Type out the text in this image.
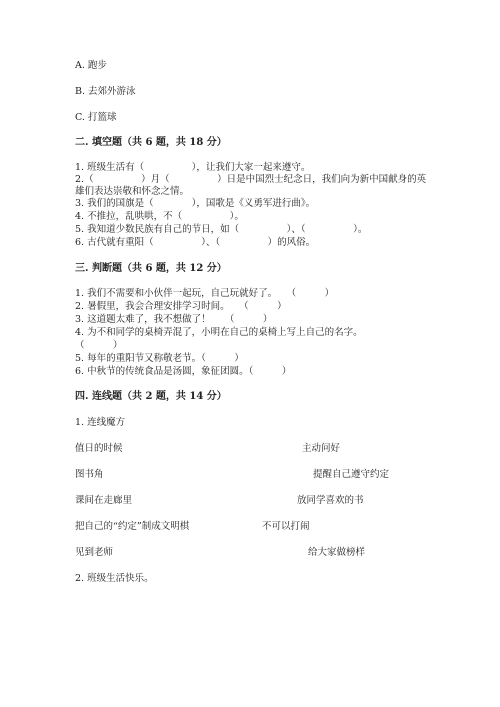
A. 跑步
B. 去郊外游泳
C. 打篮球
二. 填空题（共 6 题，共 18 分）
1. 班级生活有（　　　　　），让我们大家一起来遵守。
2.（　　　　　）月（　　　　　）日是中国烈士纪念日，我们向为新中国献身的英雄们表达崇敬和怀念之情。
3. 我们的国旗是（　　　　），国歌是《义勇军进行曲》。
4. 不推拉，乱哄哄，不（　　　　　）。
5. 我知道少数民族有自己的节日，如（　　　　　）、（　　　　　）。
6. 古代就有重阳（　　　　　）、（　　　　　）的风俗。
三. 判断题（共 6 题，共 12 分）
1. 我们不需要和小伙伴一起玩，自己玩就好了。　　（　　　）
2. 暑假里，我会合理安排学习时间。　　（　　　）
3. 这道题太难了，我不想做了！　　（　　　）
4. 为不和同学的桌椅弄混了，小明在自己的桌椅上写上自己的名字。
（　　　）
5. 每年的重阳节又称敬老节。（　　　）
6. 中秋节的传统食品是汤圆，象征团圆。（　　　）
四. 连线题（共 2 题，共 14 分）
1. 连线魔方
值日的时候	主动问好
图书角	提醒自己遵守约定
课间在走廊里	放同学喜欢的书
把自己的“约定”制成文明棋	不可以打闹
见到老师	给大家做榜样
2. 班级生活快乐。
